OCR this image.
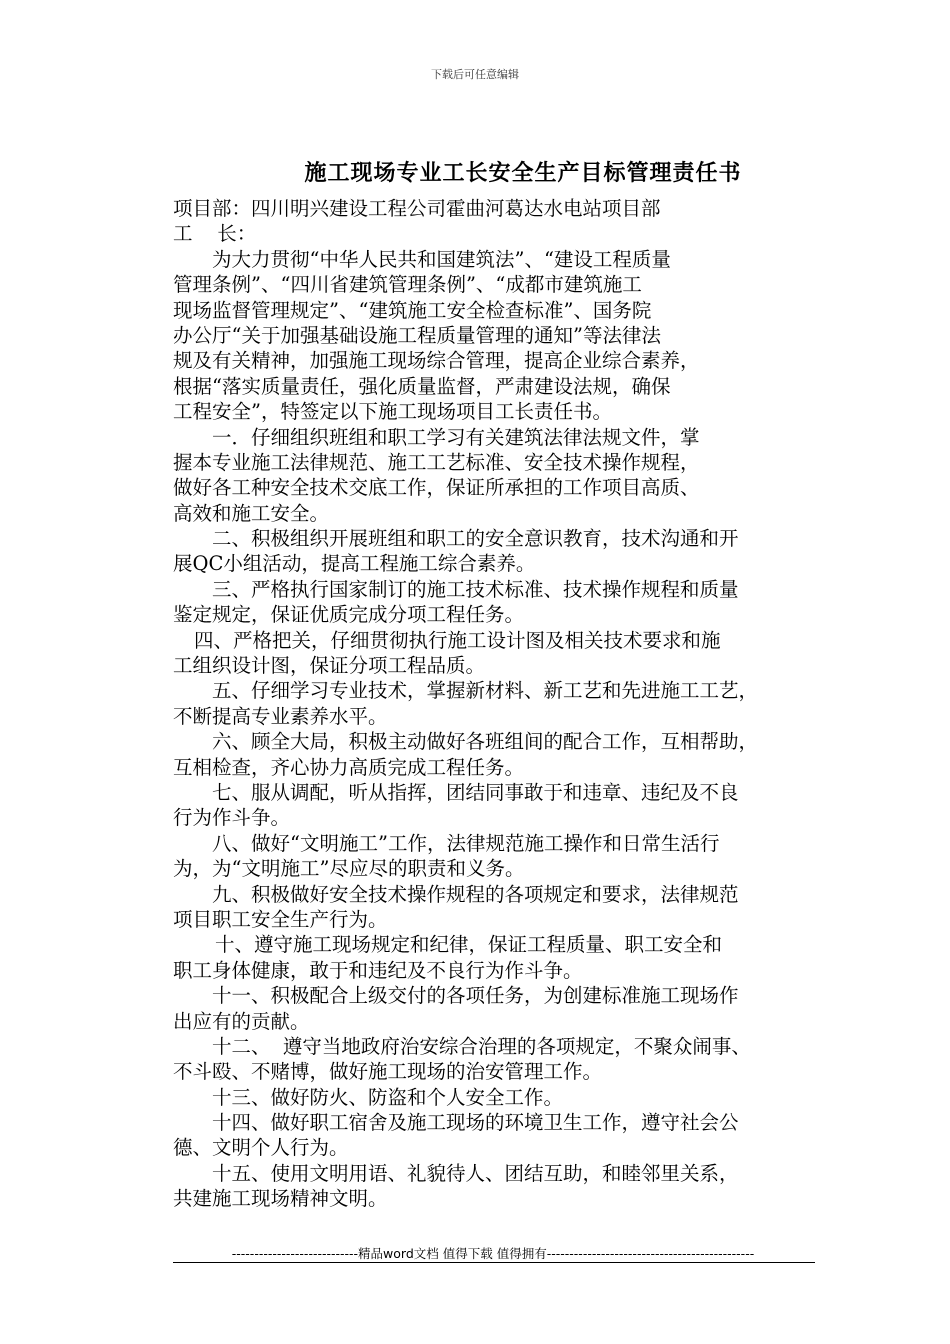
下载后可任意编辑
施工现场专业工长安全生产目标管理责任书
项目部：四川明兴建设工程公司霍曲河葛达水电站项目部
工    长：
为大力贯彻“中华人民共和国建筑法”、“建设工程质量
管理条例”、“四川省建筑管理条例”、“成都市建筑施工
现场监督管理规定”、“建筑施工安全检查标准”、国务院
办公厅“关于加强基础设施工程质量管理的通知”等法律法
规及有关精神，加强施工现场综合管理，提高企业综合素养，
根据“落实质量责任，强化质量监督，严肃建设法规，确保
工程安全”，特签定以下施工现场项目工长责任书。
一．仔细组织班组和职工学习有关建筑法律法规文件，掌
握本专业施工法律规范、施工工艺标准、安全技术操作规程，
做好各工种安全技术交底工作，保证所承担的工作项目高质、
高效和施工安全。
二、积极组织开展班组和职工的安全意识教育，技术沟通和开
展QC小组活动，提高工程施工综合素养。
三、严格执行国家制订的施工技术标准、技术操作规程和质量
鉴定规定，保证优质完成分项工程任务。
四、严格把关，仔细贯彻执行施工设计图及相关技术要求和施
工组织设计图，保证分项工程品质。
五、仔细学习专业技术，掌握新材料、新工艺和先进施工工艺，
不断提高专业素养水平。
六、顾全大局，积极主动做好各班组间的配合工作，互相帮助，
互相检查，齐心协力高质完成工程任务。
七、服从调配，听从指挥，团结同事敢于和违章、违纪及不良
行为作斗争。
八、做好“文明施工”工作，法律规范施工操作和日常生活行
为，为“文明施工”尽应尽的职责和义务。
九、积极做好安全技术操作规程的各项规定和要求，法律规范
项目职工安全生产行为。
十、遵守施工现场规定和纪律，保证工程质量、职工安全和
职工身体健康，敢于和违纪及不良行为作斗争。
十一、积极配合上级交付的各项任务，为创建标准施工现场作
出应有的贡献。
十二、  遵守当地政府治安综合治理的各项规定，不聚众闹事、
不斗殴、不赌博，做好施工现场的治安管理工作。
十三、做好防火、防盗和个人安全工作。
十四、做好职工宿舍及施工现场的环境卫生工作，遵守社会公
德、文明个人行为。
十五、使用文明用语、礼貌待人、团结互助，和睦邻里关系，
共建施工现场精神文明。
----------------------------精品word文档 值得下载 值得拥有----------------------------------------------
